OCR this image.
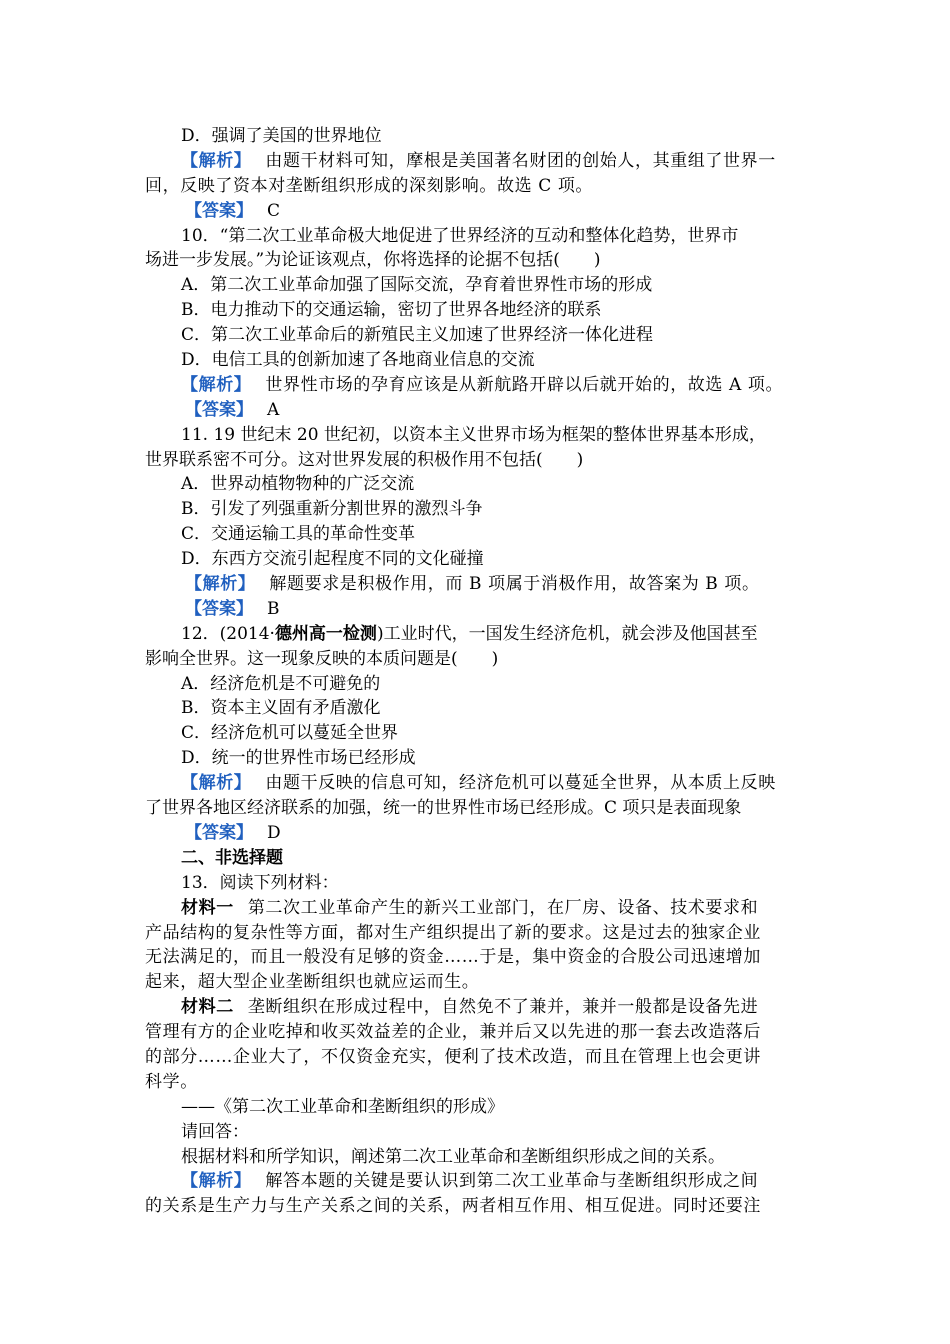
D．强调了美国的世界地位
【解析】 由题干材料可知，摩根是美国著名财团的创始人，其重组了世界一
回，反映了资本对垄断组织形成的深刻影响。故选 C 项。
【答案】 C
10．“第二次工业革命极大地促进了世界经济的互动和整体化趋势，世界市
场进一步发展。”为论证该观点，你将选择的论据不包括(　　)
A．第二次工业革命加强了国际交流，孕育着世界性市场的形成
B．电力推动下的交通运输，密切了世界各地经济的联系
C．第二次工业革命后的新殖民主义加速了世界经济一体化进程
D．电信工具的创新加速了各地商业信息的交流
【解析】 世界性市场的孕育应该是从新航路开辟以后就开始的，故选 A 项。
【答案】 A
11. 19 世纪末 20 世纪初，以资本主义世界市场为框架的整体世界基本形成，
世界联系密不可分。这对世界发展的积极作用不包括(　　)
A．世界动植物物种的广泛交流
B．引发了列强重新分割世界的激烈斗争
C．交通运输工具的革命性变革
D．东西方交流引起程度不同的文化碰撞
【解析】 解题要求是积极作用，而 B 项属于消极作用，故答案为 B 项。
【答案】 B
12．(2014·德州高一检测)工业时代，一国发生经济危机，就会涉及他国甚至
影响全世界。这一现象反映的本质问题是(　　)
A．经济危机是不可避免的
B．资本主义固有矛盾激化
C．经济危机可以蔓延全世界
D．统一的世界性市场已经形成
【解析】 由题干反映的信息可知，经济危机可以蔓延全世界，从本质上反映
了世界各地区经济联系的加强，统一的世界性市场已经形成。C 项只是表面现象
【答案】 D
二、非选择题
13．阅读下列材料：
材料一 第二次工业革命产生的新兴工业部门，在厂房、设备、技术要求和
产品结构的复杂性等方面，都对生产组织提出了新的要求。这是过去的独家企业
无法满足的，而且一般没有足够的资金……于是，集中资金的合股公司迅速增加
起来，超大型企业垄断组织也就应运而生。
材料二 垄断组织在形成过程中，自然免不了兼并，兼并一般都是设备先进
管理有方的企业吃掉和收买效益差的企业，兼并后又以先进的那一套去改造落后
的部分……企业大了，不仅资金充实，便利了技术改造，而且在管理上也会更讲
科学。
——《第二次工业革命和垄断组织的形成》
请回答：
根据材料和所学知识，阐述第二次工业革命和垄断组织形成之间的关系。
【解析】 解答本题的关键是要认识到第二次工业革命与垄断组织形成之间
的关系是生产力与生产关系之间的关系，两者相互作用、相互促进。同时还要注
